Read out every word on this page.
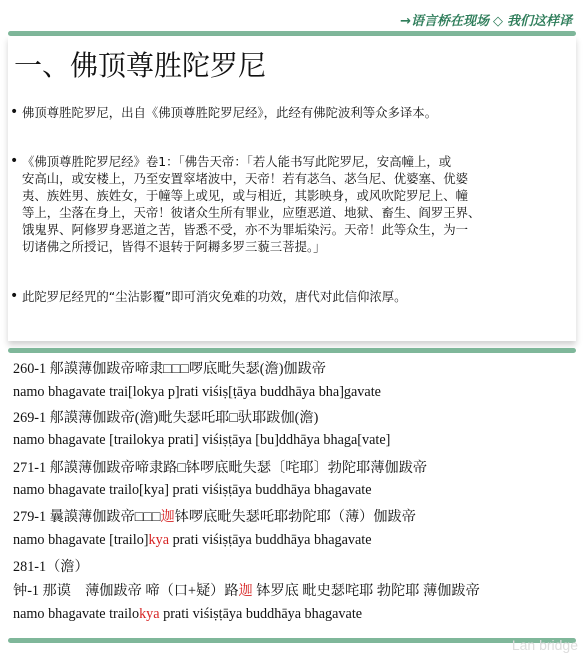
→语言桥在现场 ◇ 我们这样译
一、佛顶尊胜陀罗尼
• 佛顶尊胜陀罗尼，出自《佛顶尊胜陀罗尼经》，此经有佛陀波利等众多译本。
• 《佛顶尊胜陀罗尼经》卷1：「佛告天帝：「若人能书写此陀罗尼，安高幢上，或
安高山，或安楼上，乃至安置窣堵波中，天帝！若有苾刍、苾刍尼、优婆塞、优婆
夷、族姓男、族姓女，于幢等上或见，或与相近，其影映身，或风吹陀罗尼上、幢
等上，尘落在身上，天帝！彼诸众生所有罪业，应堕恶道、地狱、畜生、阎罗王界、
饿鬼界、阿修罗身恶道之苦，皆悉不受，亦不为罪垢染污。天帝！此等众生，为一
切诸佛之所授记，皆得不退转于阿耨多罗三藐三菩提。」
• 此陀罗尼经咒的“尘沾影覆”即可消灾免难的功效，唐代对此信仰浓厚。
260-1 郍謨薄伽跋帝啼隶□□□啰底毗失瑟(澹)伽跋帝
namo bhagavate trai[lokya p]rati viśiṣ[ṭāya buddhāya bha]gavate
269-1 郍謨薄伽跋帝(澹)毗失瑟吒耶□驮耶跋伽(澹)
namo bhagavate [trailokya prati] viśiṣṭāya [bu]ddhāya bhaga[vate]
271-1 郍謨薄伽跋帝啼隶路□钵啰底毗失瑟〔咤耶〕勃陀耶薄伽跋帝
namo bhagavate trailo[kya] prati viśiṣṭāya buddhāya bhagavate
279-1 曩謨薄伽跋帝□□□迦钵啰底毗失瑟吒耶勃陀耶（薄）伽跋帝
namo bhagavate [trailo]kya prati viśiṣṭāya buddhāya bhagavate
281-1（澹）
钟-1 那谟　薄伽跋帝 啼（口+疑）路迦 钵罗底 毗史瑟咤耶 勃陀耶 薄伽跋帝
namo bhagavate trailokya prati viśiṣṭāya buddhāya bhagavate
Lan bridge
